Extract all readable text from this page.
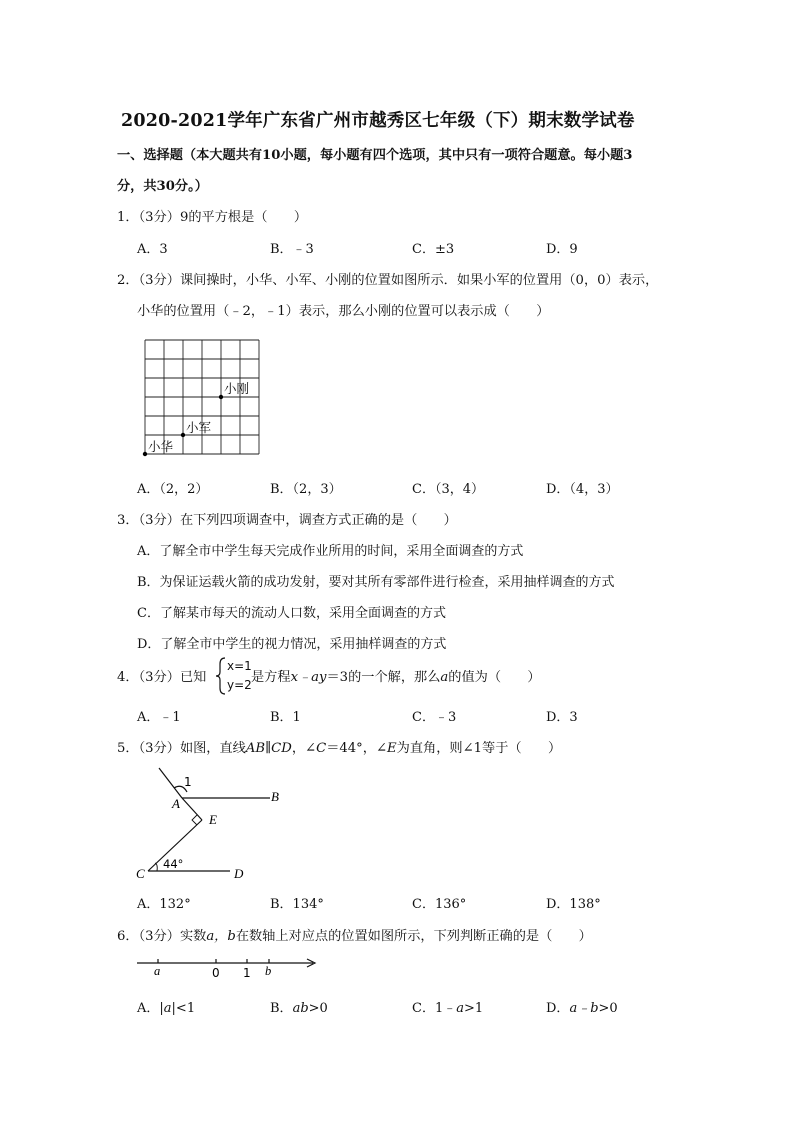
2020-2021学年广东省广州市越秀区七年级（下）期末数学试卷
一、选择题（本大题共有10小题，每小题有四个选项，其中只有一项符合题意。每小题3
分，共30分。）
1．（3分）9的平方根是（　　）
A．3	B．﹣3	C．±3	D．9
2．（3分）课间操时，小华、小军、小刚的位置如图所示．如果小军的位置用（0，0）表示，
小华的位置用（﹣2，﹣1）表示，那么小刚的位置可以表示成（　　）
小刚
小军
小华
A．（2，2）	B．（2，3）	C．（3，4）	D．（4，3）
3．（3分）在下列四项调查中，调查方式正确的是（　　）
A．了解全市中学生每天完成作业所用的时间，采用全面调查的方式
B．为保证运载火箭的成功发射，要对其所有零部件进行检查，采用抽样调查的方式
C．了解某市每天的流动人口数，采用全面调查的方式
D．了解全市中学生的视力情况，采用抽样调查的方式
4．（3分）已知
x=1
y=2 是方程x﹣ay＝3的一个解，那么a的值为（　　）
A．﹣1	B．1	C．﹣3	D．3
5．（3分）如图，直线AB∥CD，∠C＝44°，∠E为直角，则∠1等于（　　）
1
A	B
E
C
44°
D
A．132°	B．134°	C．136°	D．138°
6．（3分）实数a，b在数轴上对应点的位置如图所示，下列判断正确的是（　　）
a	0 1 b
A．|a|<1	B．ab>0	C．1﹣a>1	D．a﹣b>0
